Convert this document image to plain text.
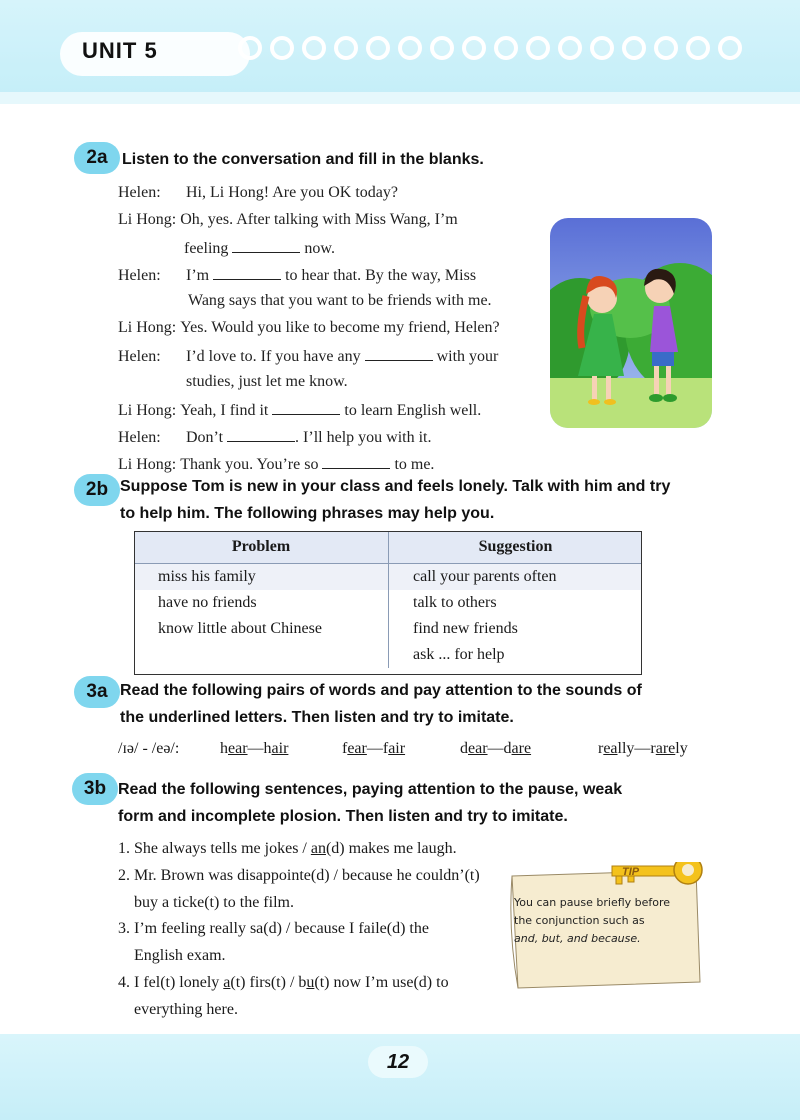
UNIT 5
2a Listen to the conversation and fill in the blanks.
Helen: Hi, Li Hong! Are you OK today?
Li Hong: Oh, yes. After talking with Miss Wang, I’m
feeling	now.
Helen: I’m	to hear that. By the way, Miss
Wang says that you want to be friends with me.
Li Hong: Yes. Would you like to become my friend, Helen?
Helen: I’d love to. If you have any	with your
studies, just let me know.
Li Hong: Yeah, I find it	to learn English well.
Helen: Don’t	. I’ll help you with it.
Li Hong: Thank you. You’re so	to me.
2b Suppose Tom is new in your class and feels lonely. Talk with him and try
to help him. The following phrases may help you.
Problem	Suggestion
miss his family	call your parents often
have no friends	talk to others
know little about Chinese	find new friends
	ask ... for help
3a Read the following pairs of words and pay attention to the sounds of
the underlined letters. Then listen and try to imitate.
/ɪə/ - /eə/:	hear—hair	fear—fair	dear—dare	really—rarely
3b Read the following sentences, paying attention to the pause, weak
form and incomplete plosion. Then listen and try to imitate.
1. She always tells me jokes / an(d) makes me laugh.
2. Mr. Brown was disappointe(d) / because he couldn’(t)
buy a ticke(t) to the film.
3. I’m feeling really sa(d) / because I faile(d) the
English exam.
4. I fel(t) lonely a(t) firs(t) / bu(t) now I’m use(d) to
everything here.
TIP
You can pause briefly before
the conjunction such as
and, but, and because.
12
